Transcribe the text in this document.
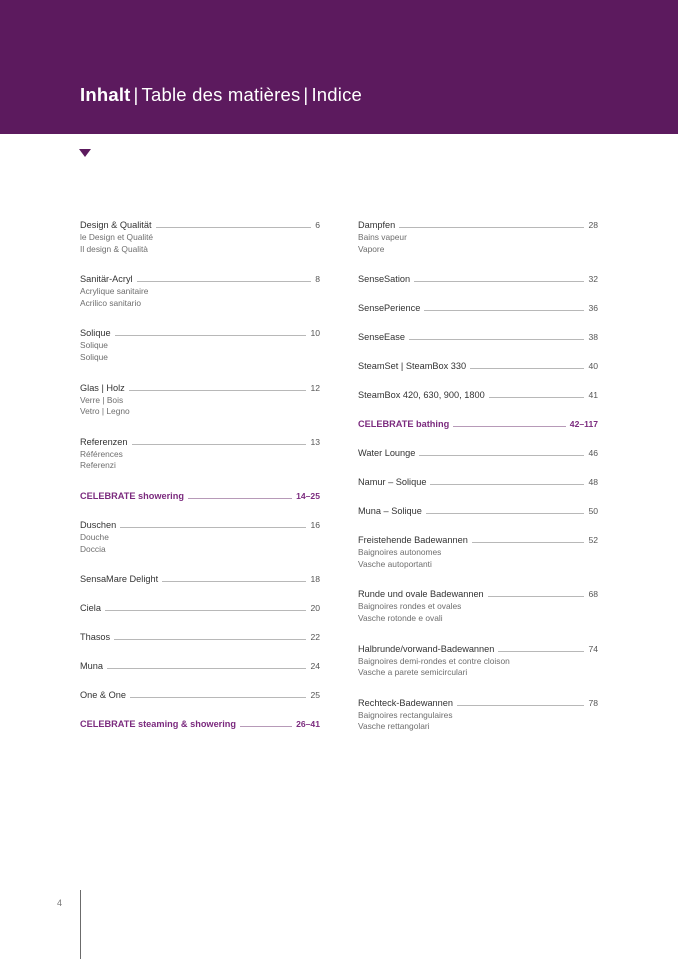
Inhalt | Table des matières | Indice
Design & Qualität	6
le Design et Qualité
Il design & Qualità
Sanitär-Acryl	8
Acrylique sanitaire
Acrilico sanitario
Solique	10
Solique
Solique
Glas | Holz	12
Verre | Bois
Vetro | Legno
Referenzen	13
Références
Referenzi
CELEBRATE showering	14–25
Duschen	16
Douche
Doccia
SensaMare Delight	18
Ciela	20
Thasos	22
Muna	24
One & One	25
CELEBRATE steaming & showering	26–41
Dampfen	28
Bains vapeur
Vapore
SenseSation	32
SensePerience	36
SenseEase	38
SteamSet | SteamBox 330	40
SteamBox 420, 630, 900, 1800	41
CELEBRATE bathing	42–117
Water Lounge	46
Namur – Solique	48
Muna – Solique	50
Freistehende Badewannen	52
Baignoires autonomes
Vasche autoportanti
Runde und ovale Badewannen	68
Baignoires rondes et ovales
Vasche rotonde e ovali
Halbrunde/vorwand-Badewannen	74
Baignoires demi-rondes et contre cloison
Vasche a parete semicirculari
Rechteck-Badewannen	78
Baignoires rectangulaires
Vasche rettangolari
4
